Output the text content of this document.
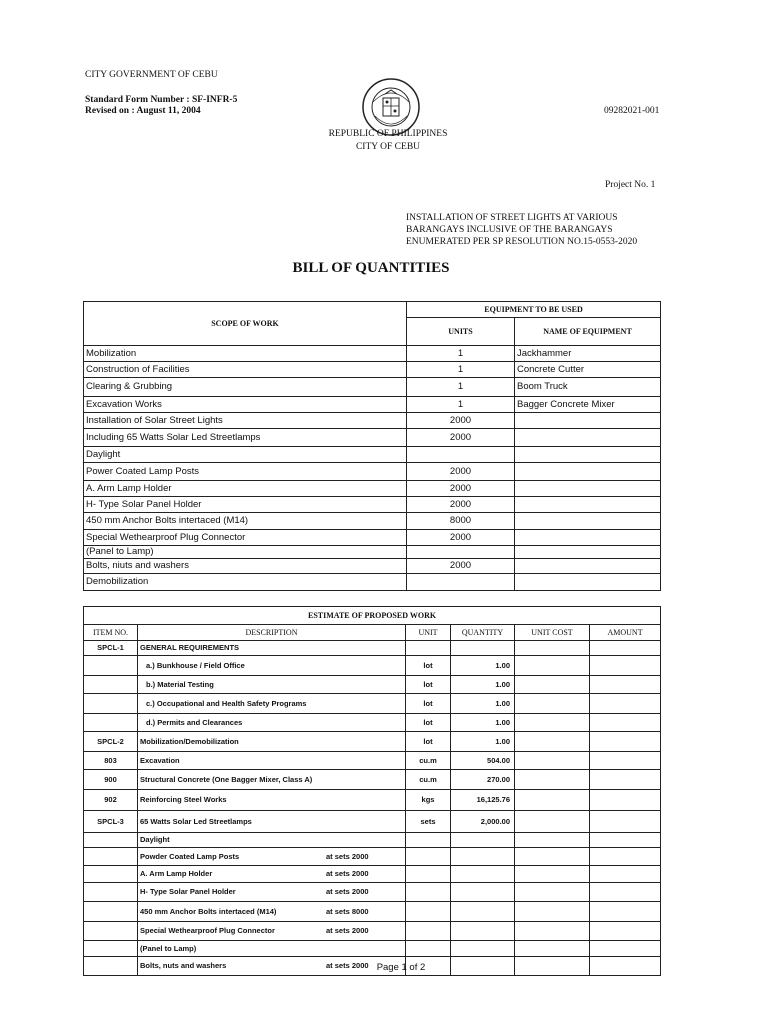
CITY GOVERNMENT OF CEBU
Standard Form Number : SF-INFR-5
Revised on : August 11, 2004	09282021-001
REPUBLIC OF PHILIPPINES
CITY OF CEBU
Project No. 1
INSTALLATION OF STREET LIGHTS AT VARIOUS
BARANGAYS INCLUSIVE OF THE BARANGAYS
ENUMERATED PER SP RESOLUTION NO.15-0553-2020
BILL OF QUANTITIES
SCOPE OF WORK	EQUIPMENT TO BE USED	
	UNITS	NAME OF EQUIPMENT
Mobilization	1	Jackhammer
Construction of Facilities	1	Concrete Cutter
Clearing & Grubbing	1	Boom Truck
Excavation Works	1	Bagger Concrete Mixer
Installation of Solar Street Lights	2000	
Including 65 Watts Solar Led Streetlamps	2000	
Daylight		
Power Coated Lamp Posts	2000	
A. Arm Lamp Holder	2000	
H- Type Solar Panel Holder	2000	
450 mm Anchor Bolts intertaced (M14)	8000	
Special Wethearproof Plug Connector	2000	
(Panel to Lamp)		
Bolts, niuts and washers	2000	
Demobilization		
ESTIMATE OF PROPOSED WORK					
ITEM NO.	DESCRIPTION	UNIT	QUANTITY	UNIT COST	AMOUNT
SPCL-1	GENERAL REQUIREMENTS				
	a.) Bunkhouse / Field Office	lot	1.00		
	b.) Material Testing	lot	1.00		
	c.) Occupational and Health Safety Programs	lot	1.00		
	d.) Permits and Clearances	lot	1.00		
SPCL-2	Mobilization/Demobilization	lot	1.00		
803	Excavation	cu.m	504.00		
900	Structural Concrete (One Bagger Mixer, Class A)	cu.m	270.00		
902	Reinforcing Steel Works	kgs	16,125.76		
SPCL-3	65 Watts Solar Led Streetlamps	sets	2,000.00		
	Daylight				
	Powder Coated Lamp Posts at sets 2000				
	A. Arm Lamp Holder at sets 2000				
	H- Type Solar Panel Holder at sets 2000				
	450 mm Anchor Bolts intertaced (M14) at sets 8000				
	Special Wethearproof Plug Connector at sets 2000				
	(Panel to Lamp)				
	Bolts, nuts and washers at sets 2000				Page 1 of 2
